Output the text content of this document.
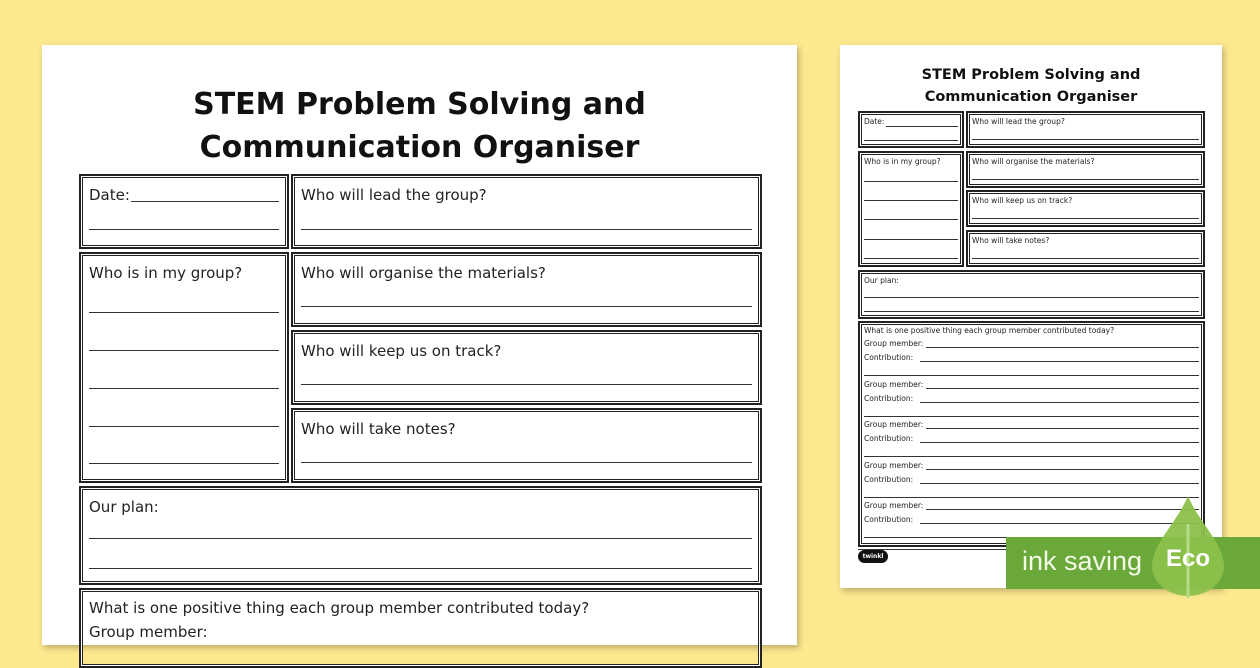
STEM Problem Solving and
Communication Organiser
Date:	Who will lead the group?
Who is in my group?	Who will organise the materials?
Who will keep us on track?
Who will take notes?
Our plan:
What is one positive thing each group member contributed today?
Group member:
STEM Problem Solving and
Communication Organiser
Date:	Who will lead the group?
Who is in my group?	Who will organise the materials?
Who will keep us on track?
Who will take notes?
Our plan:
What is one positive thing each group member contributed today?
Group member:
Contribution:
Group member:
Contribution:
Group member:
Contribution:
Group member:
Contribution:
Group member:
Contribution:
twinkl	ink saving Eco
